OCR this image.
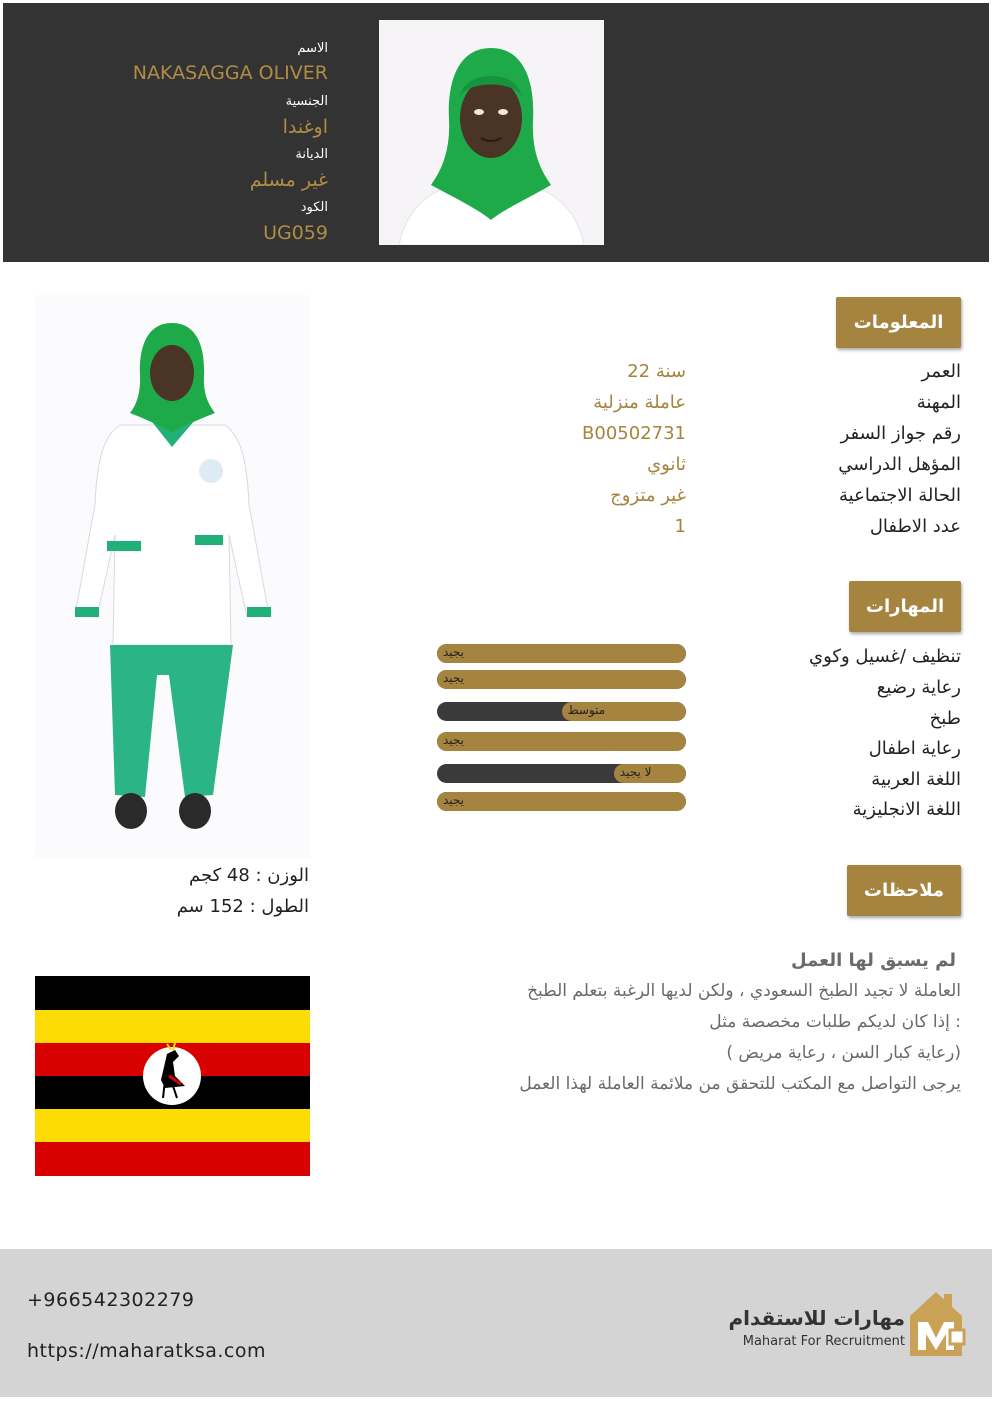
الاسم
NAKASAGGA OLIVER
الجنسية
اوغندا
الديانة
غير مسلم
الكود
UG059
المعلومات
العمر
22 سنة
المهنة
عاملة منزلية
رقم جواز السفر
B00502731
المؤهل الدراسي
ثانوي
الحالة الاجتماعية
غير متزوج
عدد الاطفال
1
المهارات
تنظيف /غسيل وكوي
يجيد
رعاية رضيع
يجيد
طبخ
متوسط
رعاية اطفال
يجيد
اللغة العربية
لا يجيد
اللغة الانجليزية
يجيد
ملاحظات
لم يسبق لها العمل
العاملة لا تجيد الطبخ السعودي ، ولكن لديها الرغبة بتعلم الطبخ
إذا كان لديكم طلبات مخصصة مثل :
( رعاية كبار السن ، رعاية مريض)
يرجى التواصل مع المكتب للتحقق من ملائمة العاملة لهذا العمل
الوزن : 48 كجم
الطول : 152 سم
+966542302279
https://maharatksa.com
مهارات للاستقدام
Maharat For Recruitment
